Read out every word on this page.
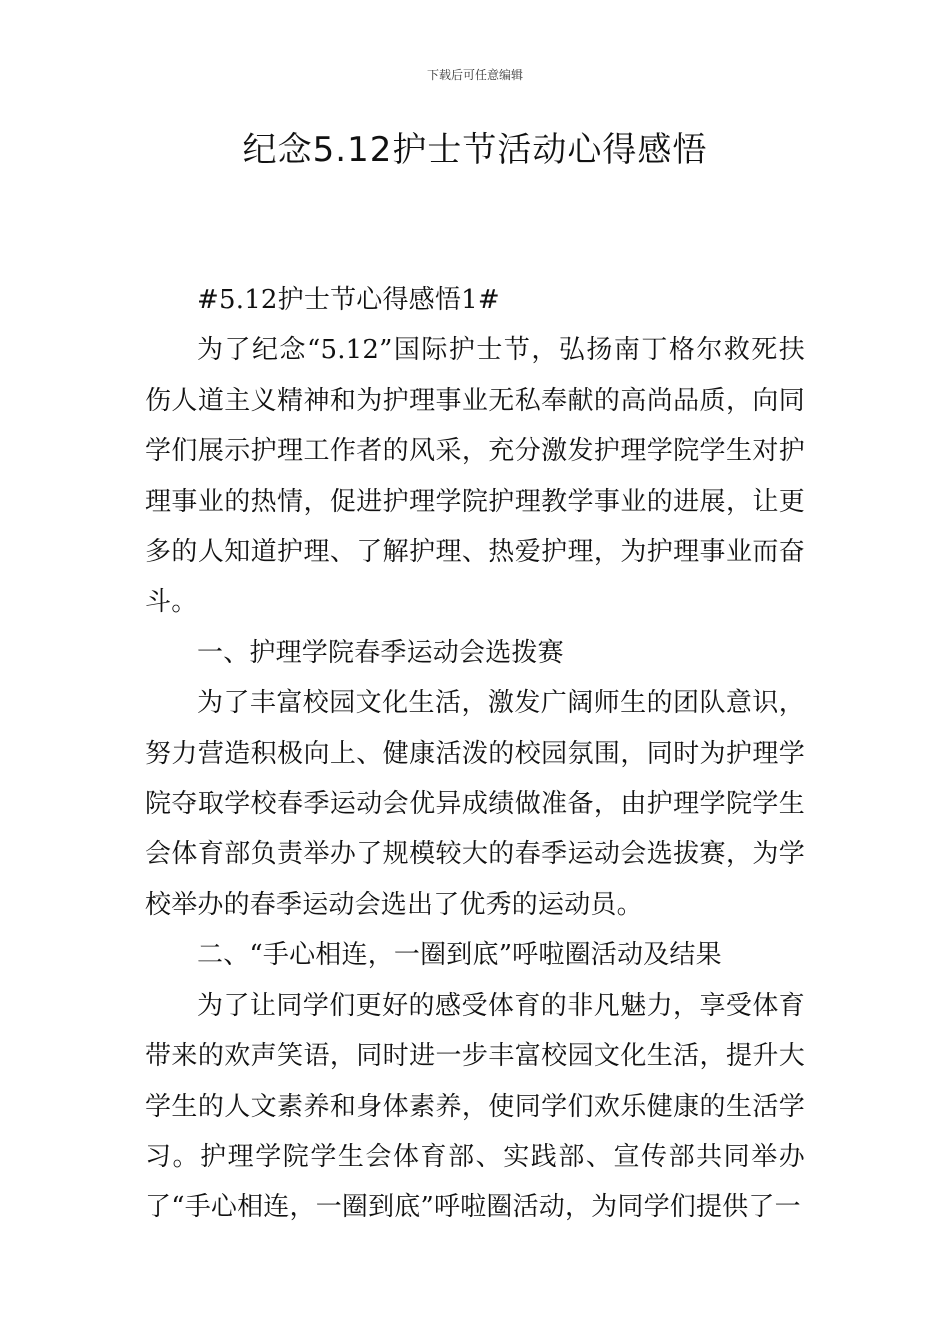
下载后可任意编辑
纪念5.12护士节活动心得感悟

#5.12护士节心得感悟1#

为了纪念“5.12”国际护士节，弘扬南丁格尔救死扶伤人道主义精神和为护理事业无私奉献的高尚品质，向同学们展示护理工作者的风采，充分激发护理学院学生对护理事业的热情，促进护理学院护理教学事业的进展，让更多的人知道护理、了解护理、热爱护理，为护理事业而奋斗。

一、护理学院春季运动会选拨赛

为了丰富校园文化生活，激发广阔师生的团队意识，努力营造积极向上、健康活泼的校园氛围，同时为护理学院夺取学校春季运动会优异成绩做准备，由护理学院学生会体育部负责举办了规模较大的春季运动会选拔赛，为学校举办的春季运动会选出了优秀的运动员。

二、“手心相连，一圈到底”呼啦圈活动及结果

为了让同学们更好的感受体育的非凡魅力，享受体育带来的欢声笑语，同时进一步丰富校园文化生活，提升大学生的人文素养和身体素养，使同学们欢乐健康的生活学习。护理学院学生会体育部、实践部、宣传部共同举办了“手心相连，一圈到底”呼啦圈活动，为同学们提供了一
